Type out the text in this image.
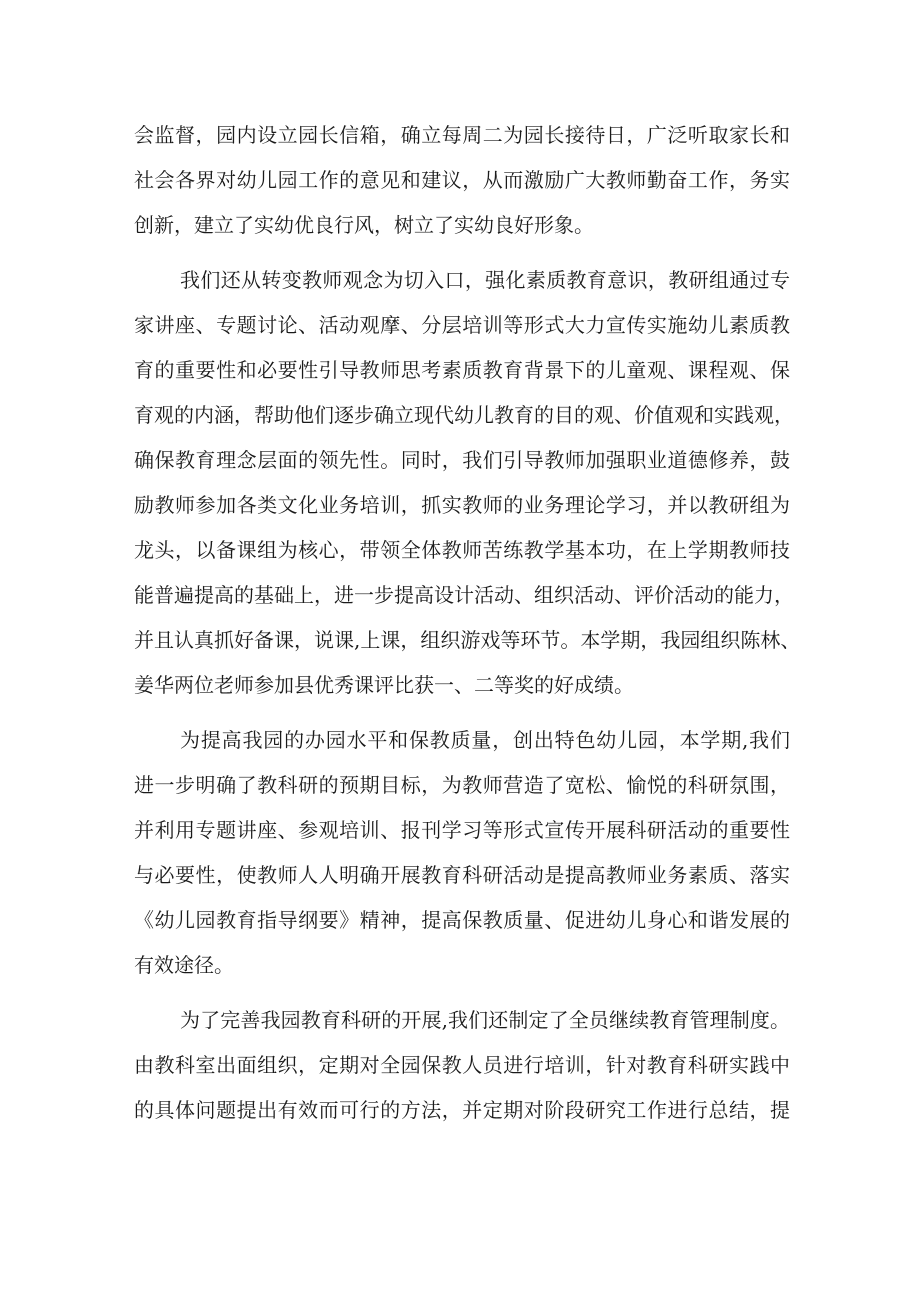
会监督，园内设立园长信箱，确立每周二为园长接待日，广泛听取家长和
社会各界对幼儿园工作的意见和建议，从而激励广大教师勤奋工作，务实
创新，建立了实幼优良行风，树立了实幼良好形象。
我们还从转变教师观念为切入口，强化素质教育意识，教研组通过专
家讲座、专题讨论、活动观摩、分层培训等形式大力宣传实施幼儿素质教
育的重要性和必要性引导教师思考素质教育背景下的儿童观、课程观、保
育观的内涵，帮助他们逐步确立现代幼儿教育的目的观、价值观和实践观，
确保教育理念层面的领先性。同时，我们引导教师加强职业道德修养，鼓
励教师参加各类文化业务培训，抓实教师的业务理论学习，并以教研组为
龙头，以备课组为核心，带领全体教师苦练教学基本功，在上学期教师技
能普遍提高的基础上，进一步提高设计活动、组织活动、评价活动的能力，
并且认真抓好备课，说课,上课，组织游戏等环节。本学期，我园组织陈林、
姜华两位老师参加县优秀课评比获一、二等奖的好成绩。
为提高我园的办园水平和保教质量，创出特色幼儿园，本学期,我们
进一步明确了教科研的预期目标，为教师营造了宽松、愉悦的科研氛围，
并利用专题讲座、参观培训、报刊学习等形式宣传开展科研活动的重要性
与必要性，使教师人人明确开展教育科研活动是提高教师业务素质、落实
《幼儿园教育指导纲要》精神，提高保教质量、促进幼儿身心和谐发展的
有效途径。
为了完善我园教育科研的开展,我们还制定了全员继续教育管理制度。
由教科室出面组织，定期对全园保教人员进行培训，针对教育科研实践中
的具体问题提出有效而可行的方法，并定期对阶段研究工作进行总结，提
